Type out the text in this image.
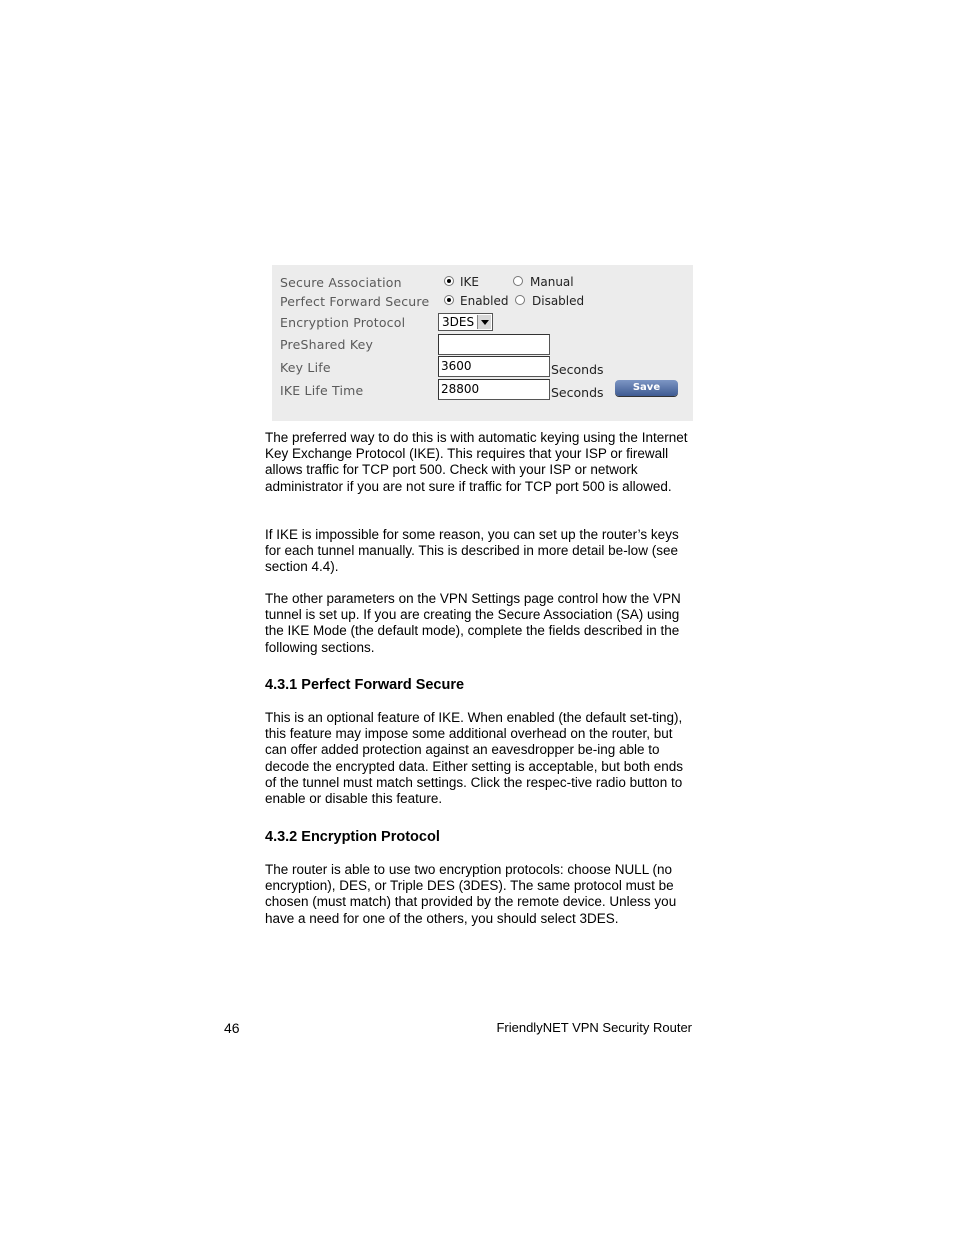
Secure Association	IKE	Manual
Perfect Forward Secure	Enabled Disabled
Encryption Protocol	3DES
PreShared Key
Key Life	3600	Seconds
IKE Life Time	28800	Seconds	Save

The preferred way to do this is with automatic keying using the Internet Key Exchange Protocol (IKE). This requires that your ISP or firewall allows traffic for TCP port 500. Check with your ISP or network administrator if you are not sure if traffic for TCP port 500 is allowed.

If IKE is impossible for some reason, you can set up the router’s keys for each tunnel manually. This is described in more detail be-low (see section 4.4).

The other parameters on the VPN Settings page control how the VPN tunnel is set up. If you are creating the Secure Association (SA) using the IKE Mode (the default mode), complete the fields described in the following sections.

4.3.1 Perfect Forward Secure

This is an optional feature of IKE. When enabled (the default set-ting), this feature may impose some additional overhead on the router, but can offer added protection against an eavesdropper be-ing able to decode the encrypted data. Either setting is acceptable, but both ends of the tunnel must match settings. Click the respec-tive radio button to enable or disable this feature.

4.3.2 Encryption Protocol

The router is able to use two encryption protocols: choose NULL (no encryption), DES, or Triple DES (3DES). The same protocol must be chosen (must match) that provided by the remote device. Unless you have a need for one of the others, you should select 3DES.

46	FriendlyNET VPN Security Router
